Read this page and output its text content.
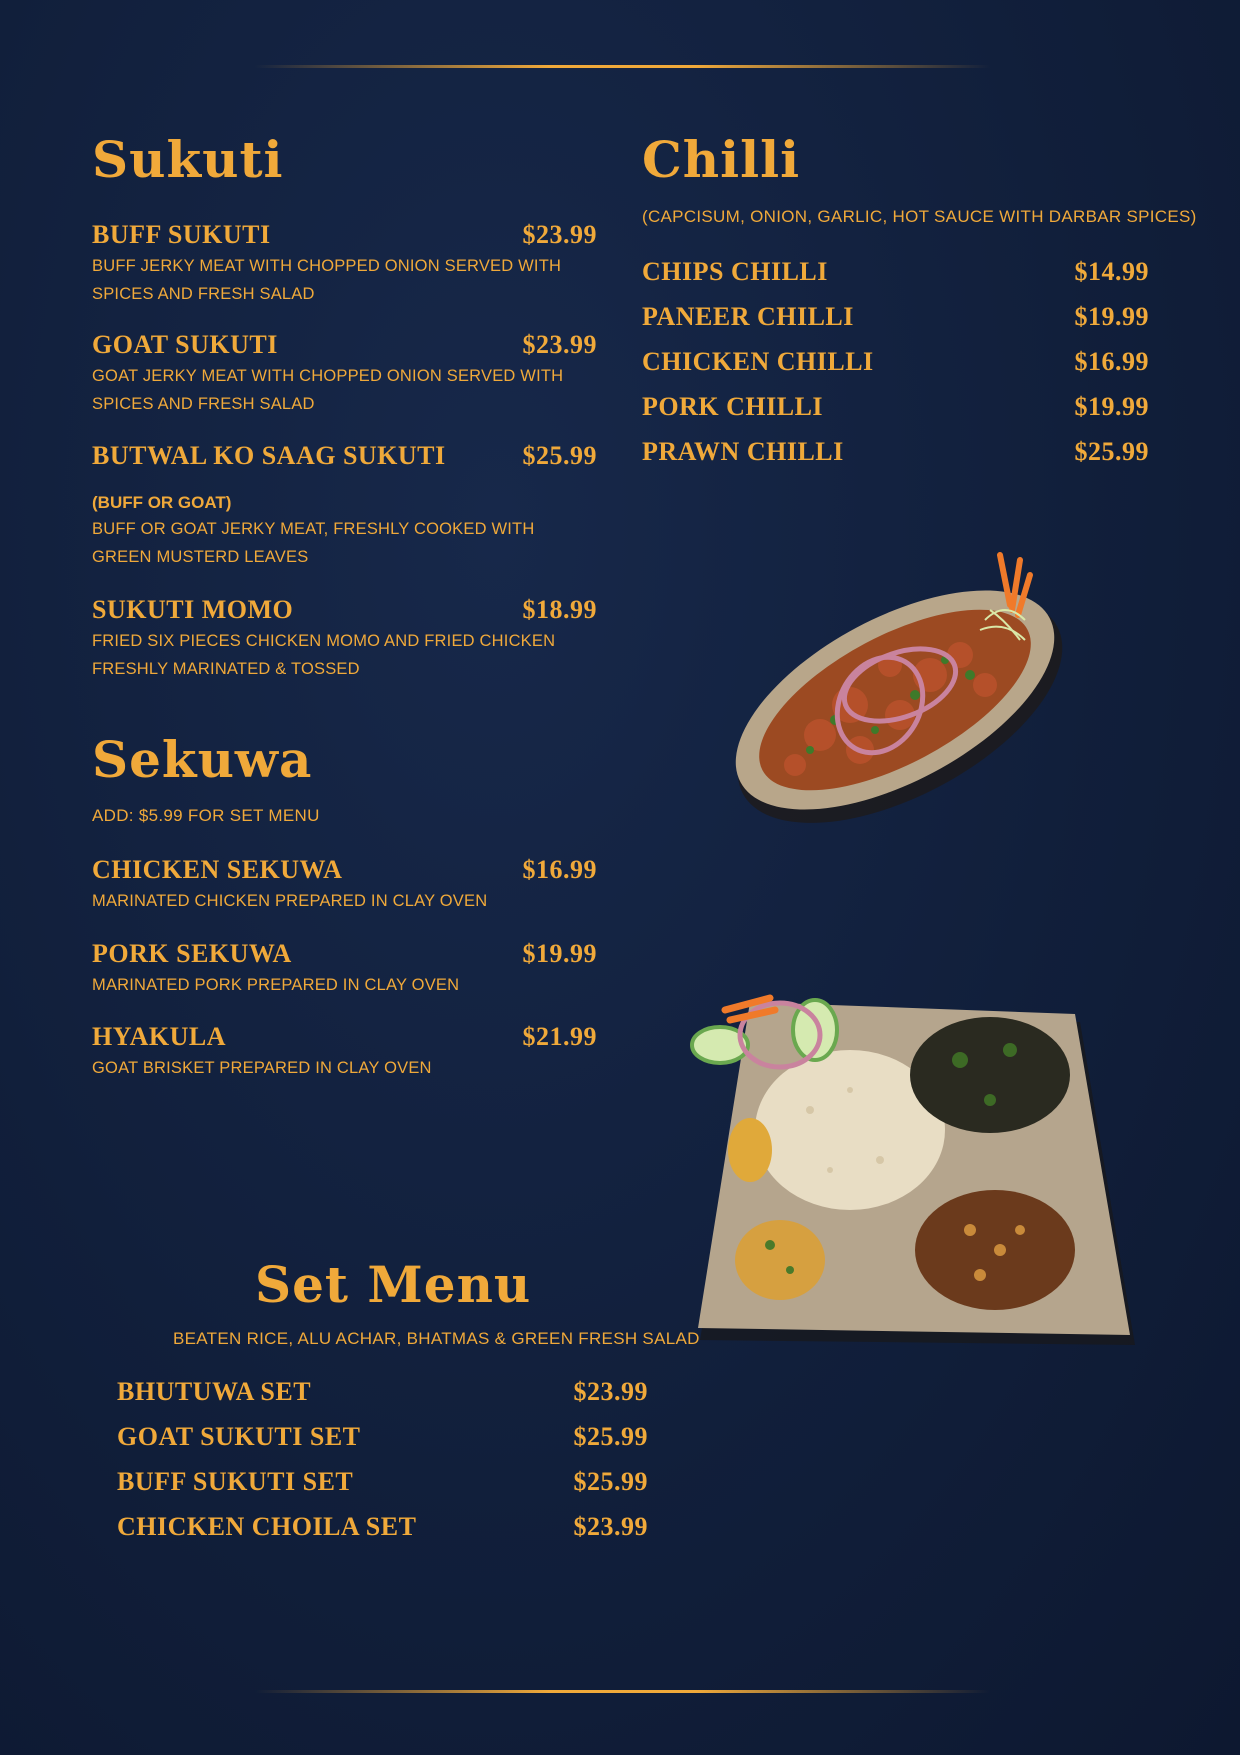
Sukuti
BUFF SUKUTI	$23.99
BUFF JERKY MEAT WITH CHOPPED ONION SERVED WITH SPICES AND FRESH SALAD
GOAT SUKUTI	$23.99
GOAT JERKY MEAT WITH CHOPPED ONION SERVED WITH SPICES AND FRESH SALAD
BUTWAL KO SAAG SUKUTI	$25.99
(BUFF OR GOAT)
BUFF OR GOAT JERKY MEAT, FRESHLY COOKED WITH GREEN MUSTERD LEAVES
SUKUTI MOMO	$18.99
FRIED SIX PIECES CHICKEN MOMO AND FRIED CHICKEN FRESHLY MARINATED & TOSSED
Sekuwa
ADD: $5.99 FOR SET MENU
CHICKEN SEKUWA	$16.99
MARINATED CHICKEN PREPARED IN CLAY OVEN
PORK SEKUWA	$19.99
MARINATED PORK PREPARED IN CLAY OVEN
HYAKULA	$21.99
GOAT BRISKET PREPARED IN CLAY OVEN
Chilli
(CAPCISUM, ONION, GARLIC, HOT SAUCE WITH DARBAR SPICES)
CHIPS CHILLI	$14.99
PANEER CHILLI	$19.99
CHICKEN CHILLI	$16.99
PORK CHILLI	$19.99
PRAWN CHILLI	$25.99
Set Menu
BEATEN RICE, ALU ACHAR, BHATMAS & GREEN FRESH SALAD
BHUTUWA SET	$23.99
GOAT SUKUTI SET	$25.99
BUFF SUKUTI SET	$25.99
CHICKEN CHOILA SET	$23.99
